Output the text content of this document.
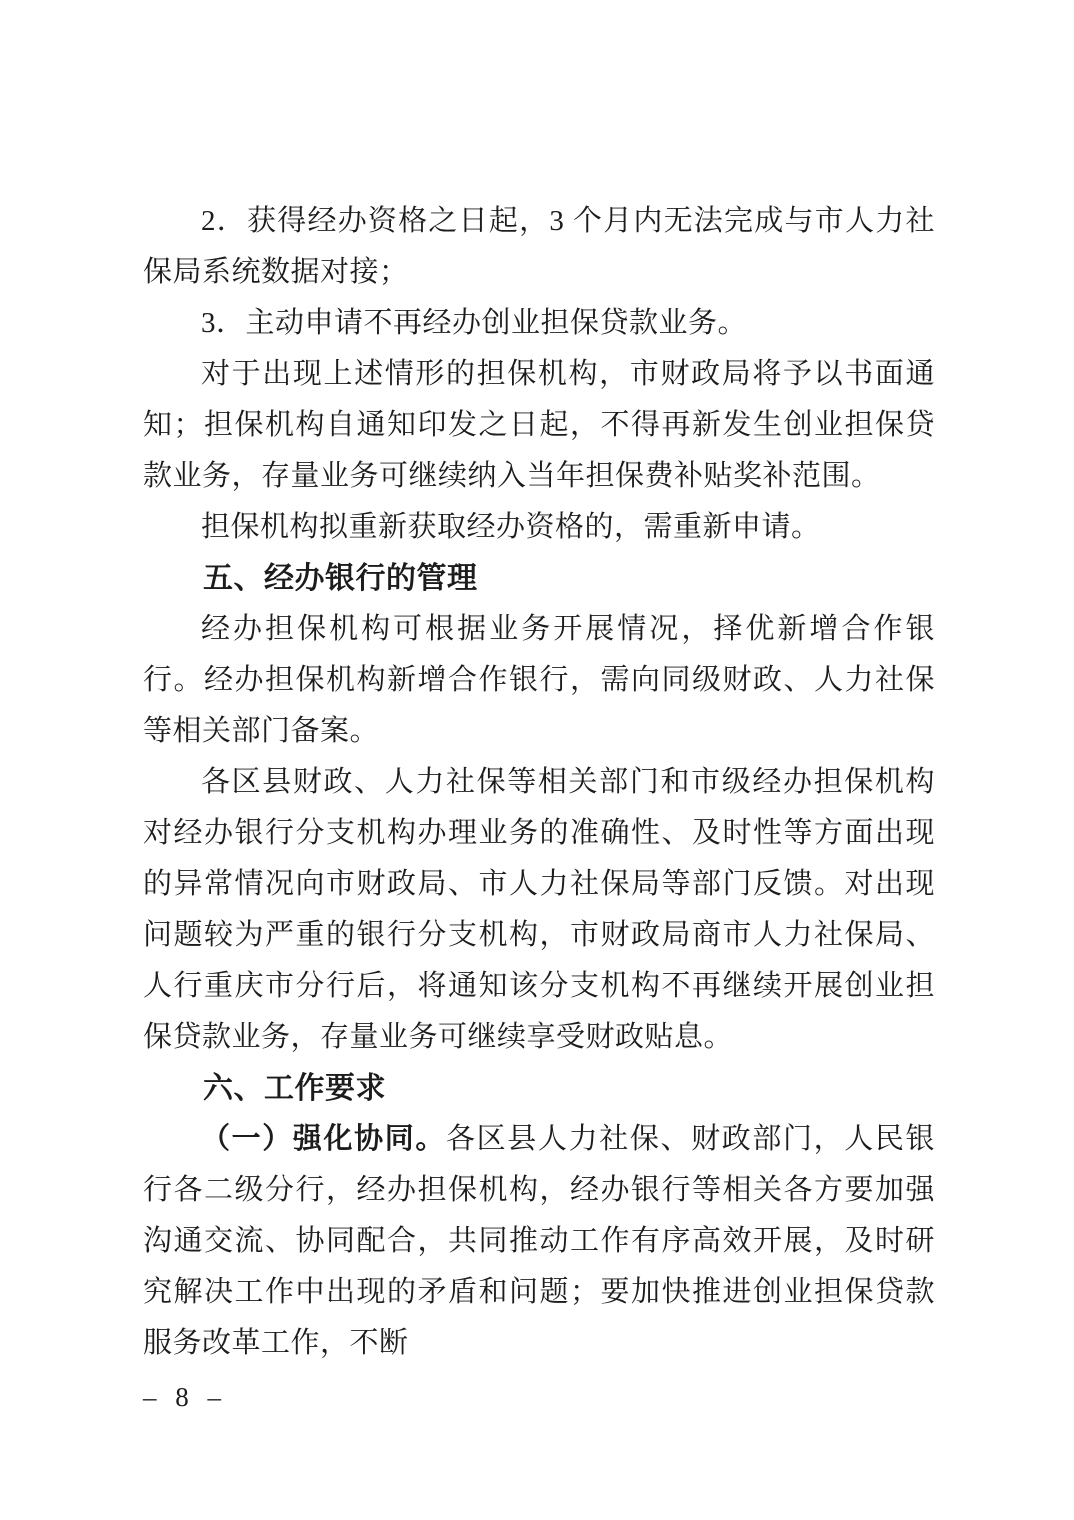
2．获得经办资格之日起，3 个月内无法完成与市人力社保局系统数据对接；

3．主动申请不再经办创业担保贷款业务。

对于出现上述情形的担保机构，市财政局将予以书面通知；担保机构自通知印发之日起，不得再新发生创业担保贷款业务，存量业务可继续纳入当年担保费补贴奖补范围。

担保机构拟重新获取经办资格的，需重新申请。

五、经办银行的管理

经办担保机构可根据业务开展情况，择优新增合作银行。经办担保机构新增合作银行，需向同级财政、人力社保等相关部门备案。

各区县财政、人力社保等相关部门和市级经办担保机构对经办银行分支机构办理业务的准确性、及时性等方面出现的异常情况向市财政局、市人力社保局等部门反馈。对出现问题较为严重的银行分支机构，市财政局商市人力社保局、人行重庆市分行后，将通知该分支机构不再继续开展创业担保贷款业务，存量业务可继续享受财政贴息。

六、工作要求

（一）强化协同。各区县人力社保、财政部门，人民银行各二级分行，经办担保机构，经办银行等相关各方要加强沟通交流、协同配合，共同推动工作有序高效开展，及时研究解决工作中出现的矛盾和问题；要加快推进创业担保贷款服务改革工作，不断

– 8 –
